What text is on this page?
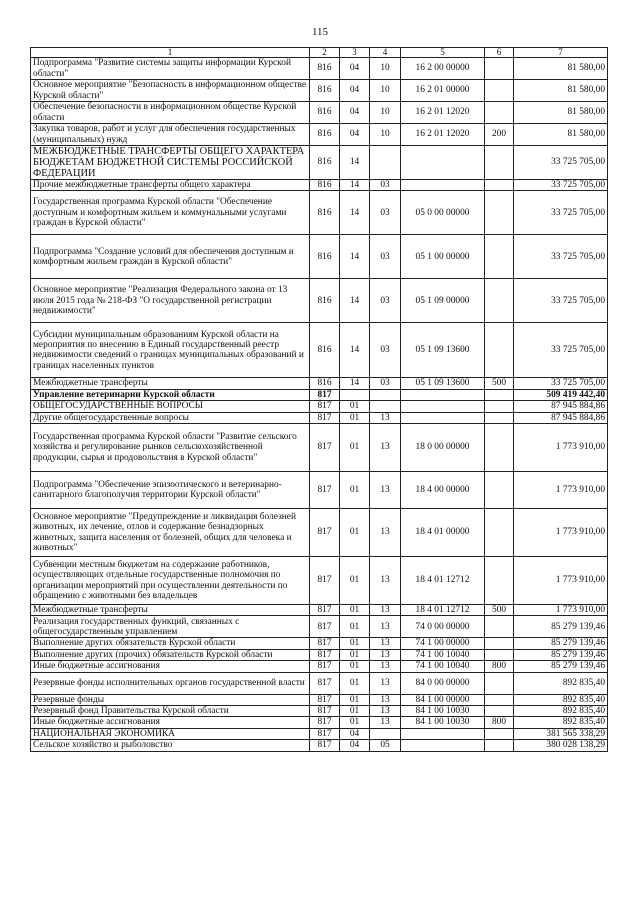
115
1	2	3	4	5	6	7
Подпрограмма "Развитие системы защиты информации Курской области"	816	04	10	16 2 00 00000		81 580,00
Основное мероприятие "Безопасность в информационном обществе Курской области"	816	04	10	16 2 01 00000		81 580,00
Обеспечение безопасности в информационном обществе Курской области	816	04	10	16 2 01 12020		81 580,00
Закупка товаров, работ и услуг для обеспечения государственных (муниципальных) нужд	816	04	10	16 2 01 12020	200	81 580,00
МЕЖБЮДЖЕТНЫЕ ТРАНСФЕРТЫ ОБЩЕГО ХАРАКТЕРА БЮДЖЕТАМ БЮДЖЕТНОЙ СИСТЕМЫ РОССИЙСКОЙ ФЕДЕРАЦИИ	816	14				33 725 705,00
Прочие межбюджетные трансферты общего характера	816	14	03			33 725 705,00
Государственная программа Курской области "Обеспечение доступным и комфортным жильем и коммунальными услугами граждан в Курской области"	816	14	03	05 0 00 00000		33 725 705,00
Подпрограмма "Создание условий для обеспечения доступным и комфортным жильем граждан в Курской области"	816	14	03	05 1 00 00000		33 725 705,00
Основное мероприятие "Реализация Федерального закона от 13 июля 2015 года № 218-ФЗ "О государственной регистрации недвижимости"	816	14	03	05 1 09 00000		33 725 705,00
Субсидии муниципальным образованиям Курской области на мероприятия по внесению в Единый государственный реестр недвижимости сведений о границах муниципальных образований и границах населенных пунктов	816	14	03	05 1 09 13600		33 725 705,00
Межбюджетные трансферты	816	14	03	05 1 09 13600	500	33 725 705,00
Управление ветеринарии Курской области	817					509 419 442,40
ОБЩЕГОСУДАРСТВЕННЫЕ ВОПРОСЫ	817	01				87 945 884,86
Другие общегосударственные вопросы	817	01	13			87 945 884,86
Государственная программа Курской области "Развитие сельского хозяйства и регулирование рынков сельскохозяйственной продукции, сырья и продовольствия в Курской области"	817	01	13	18 0 00 00000		1 773 910,00
Подпрограмма "Обеспечение эпизоотического и ветеринарно-санитарного благополучия территории Курской области"	817	01	13	18 4 00 00000		1 773 910,00
Основное мероприятие "Предупреждение и ликвидация болезней животных, их лечение, отлов и содержание безнадзорных животных, защита населения от болезней, общих для человека и животных"	817	01	13	18 4 01 00000		1 773 910,00
Субвенции местным бюджетам на содержание работников, осуществляющих отдельные государственные полномочия по организации мероприятий при осуществлении деятельности по обращению с животными без владельцев	817	01	13	18 4 01 12712		1 773 910,00
Межбюджетные трансферты	817	01	13	18 4 01 12712	500	1 773 910,00
Реализация государственных функций, связанных с общегосударственным управлением	817	01	13	74 0 00 00000		85 279 139,46
Выполнение других обязательств Курской области	817	01	13	74 1 00 00000		85 279 139,46
Выполнение других (прочих) обязательств Курской области	817	01	13	74 1 00 10040		85 279 139,46
Иные бюджетные ассигнования	817	01	13	74 1 00 10040	800	85 279 139,46
Резервные фонды исполнительных органов государственной власти	817	01	13	84 0 00 00000		892 835,40
Резервные фонды	817	01	13	84 1 00 00000		892 835,40
Резервный фонд Правительства Курской области	817	01	13	84 1 00 10030		892 835,40
Иные бюджетные ассигнования	817	01	13	84 1 00 10030	800	892 835,40
НАЦИОНАЛЬНАЯ ЭКОНОМИКА	817	04				381 565 338,29
Сельское хозяйство и рыболовство	817	04	05			380 028 138,29
